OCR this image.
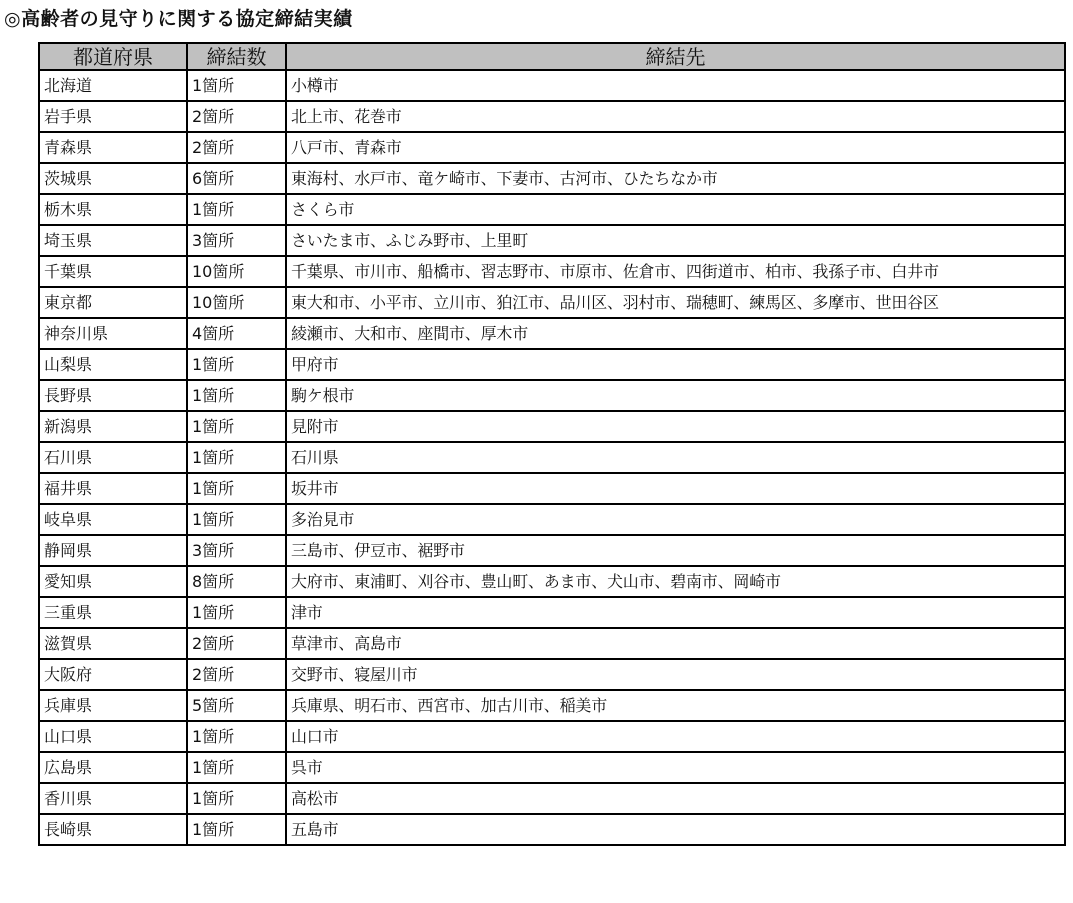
◎高齢者の見守りに関する協定締結実績
都道府県	締結数	締結先
北海道	1箇所	小樽市
岩手県	2箇所	北上市、花巻市
青森県	2箇所	八戸市、青森市
茨城県	6箇所	東海村、水戸市、竜ケ崎市、下妻市、古河市、ひたちなか市
栃木県	1箇所	さくら市
埼玉県	3箇所	さいたま市、ふじみ野市、上里町
千葉県	10箇所	千葉県、市川市、船橋市、習志野市、市原市、佐倉市、四街道市、柏市、我孫子市、白井市
東京都	10箇所	東大和市、小平市、立川市、狛江市、品川区、羽村市、瑞穂町、練馬区、多摩市、世田谷区
神奈川県	4箇所	綾瀬市、大和市、座間市、厚木市
山梨県	1箇所	甲府市
長野県	1箇所	駒ケ根市
新潟県	1箇所	見附市
石川県	1箇所	石川県
福井県	1箇所	坂井市
岐阜県	1箇所	多治見市
静岡県	3箇所	三島市、伊豆市、裾野市
愛知県	8箇所	大府市、東浦町、刈谷市、豊山町、あま市、犬山市、碧南市、岡崎市
三重県	1箇所	津市
滋賀県	2箇所	草津市、高島市
大阪府	2箇所	交野市、寝屋川市
兵庫県	5箇所	兵庫県、明石市、西宮市、加古川市、稲美市
山口県	1箇所	山口市
広島県	1箇所	呉市
香川県	1箇所	高松市
長崎県	1箇所	五島市
